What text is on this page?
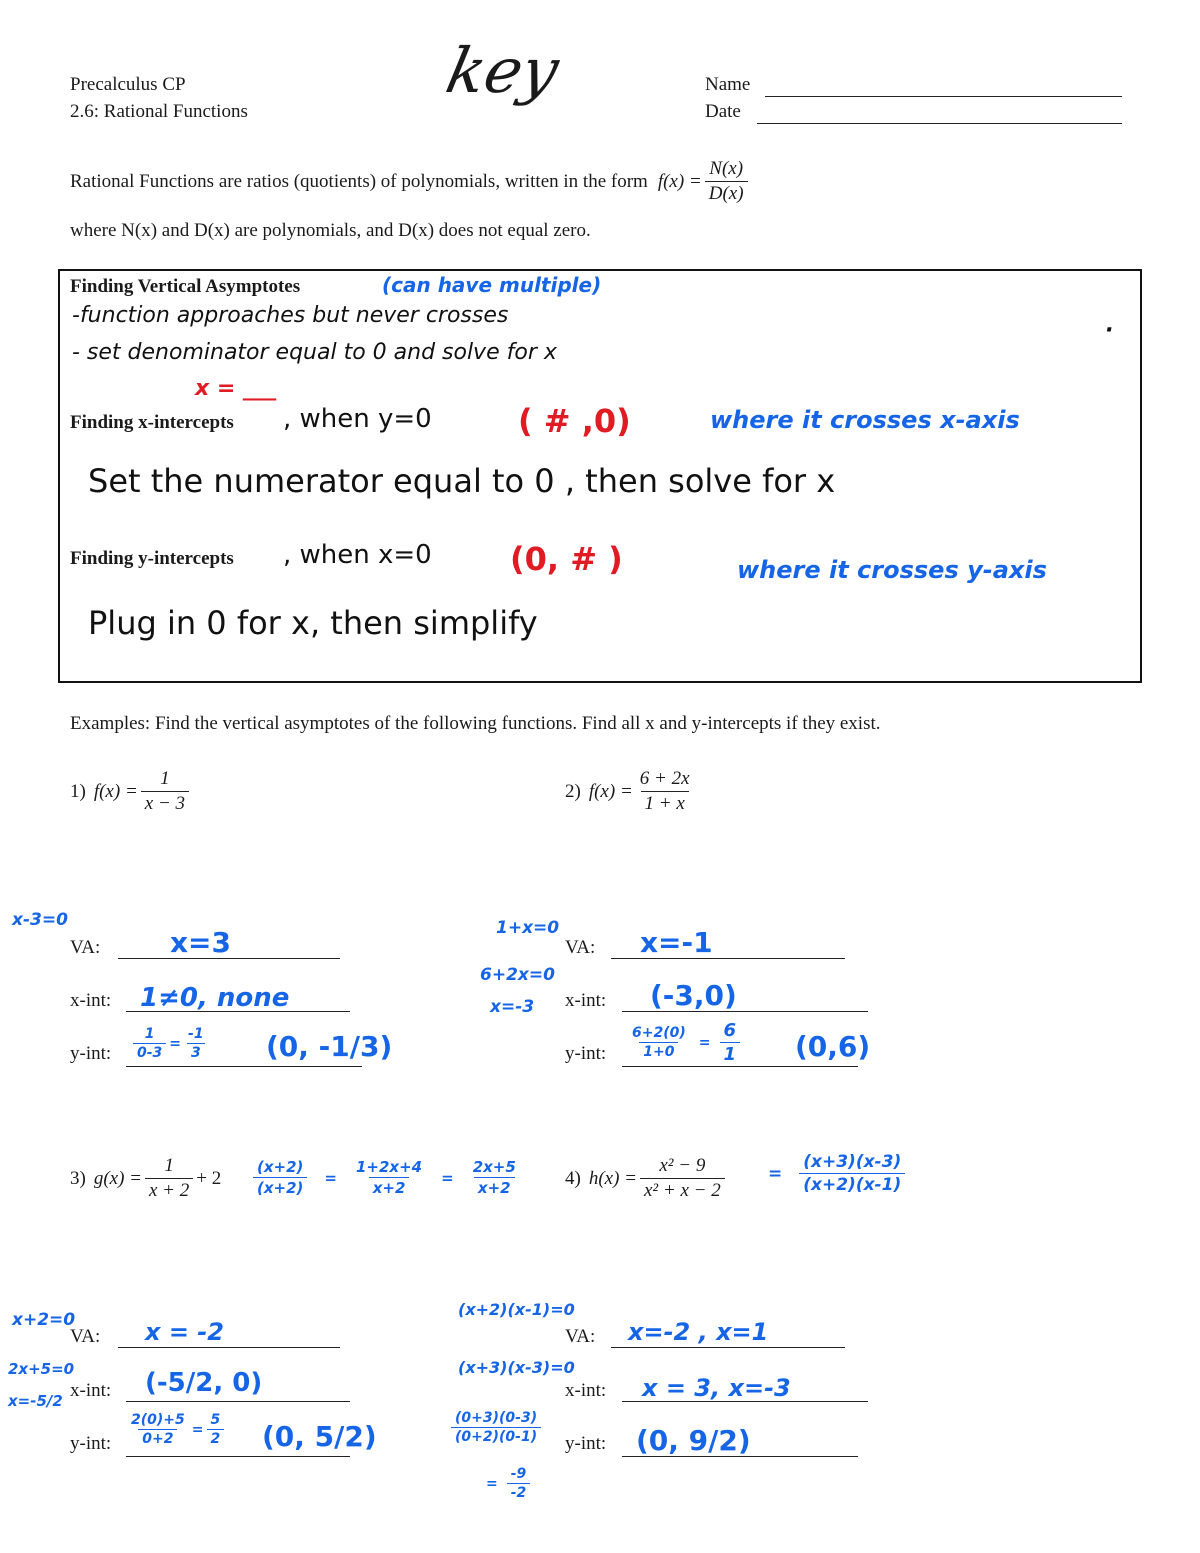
Precalculus CP
2.6: Rational Functions
key	Name
Date
Rational Functions are ratios (quotients) of polynomials, written in the form $f(x) = \frac{N(x)}{D(x)}$
where N(x) and D(x) are polynomials, and D(x) does not equal zero.
Finding Vertical Asymptotes	(can have multiple)
-function approaches but never crosses
- set denominator equal to 0 and solve for x
x = ___
·
Finding x-intercepts , when y=0	( # ,0)	where it crosses x-axis
Set the numerator equal to 0 , then solve for x
Finding y-intercepts , when x=0 (0, # )	where it crosses y-axis
Plug in 0 for x, then simplify
Examples: Find the vertical asymptotes of the following functions. Find all x and y-intercepts if they exist.
1) $f(x) = \frac{1}{x - 3}$
x-3=0
VA: x=3
x-int: 1≠0, none
y-int: $\frac{1}{0-3} = \frac{-1}{3} (0$, -1/3)
2) $f(x) = \frac{6 + 2x}{1 + x}$
1+x=0
VA: x=-1
6+2x=0
x=-3 x-int: (-3,0)
y-int: $\frac{6+2(0)}{1+0} = \frac{6}{1} (0,6)$
3) $g(x) = \frac{1}{x + 2} + 2 \frac{(x+2)}{(x+2)} = \frac{1+2x+4}{x+2} = \frac{2x+5}{x+2}$
x+2=0
VA: x = -2
2x+5=0
x=-5/2 x-int: (-5/2, 0)
y-int: $\frac{2(0)+5}{0+2} = \frac{5}{2} (0$, 5/2)
4) $h(x) = \frac{\text{x² − 9}}{\text{x² + x − 2}}$	= $\frac{(x+3)(x-3)}{(x+2)(x-1)}$
(x+2)(x-1)=0
VA: x=-2 , x=1
(x+3)(x-3)=0
x-int: x = 3, x=-3
$\frac{(0+3)(0-3)}{(0+2)(0-1)}$
= $\frac{-9}{-2}$
y-int: (0, 9/2)
